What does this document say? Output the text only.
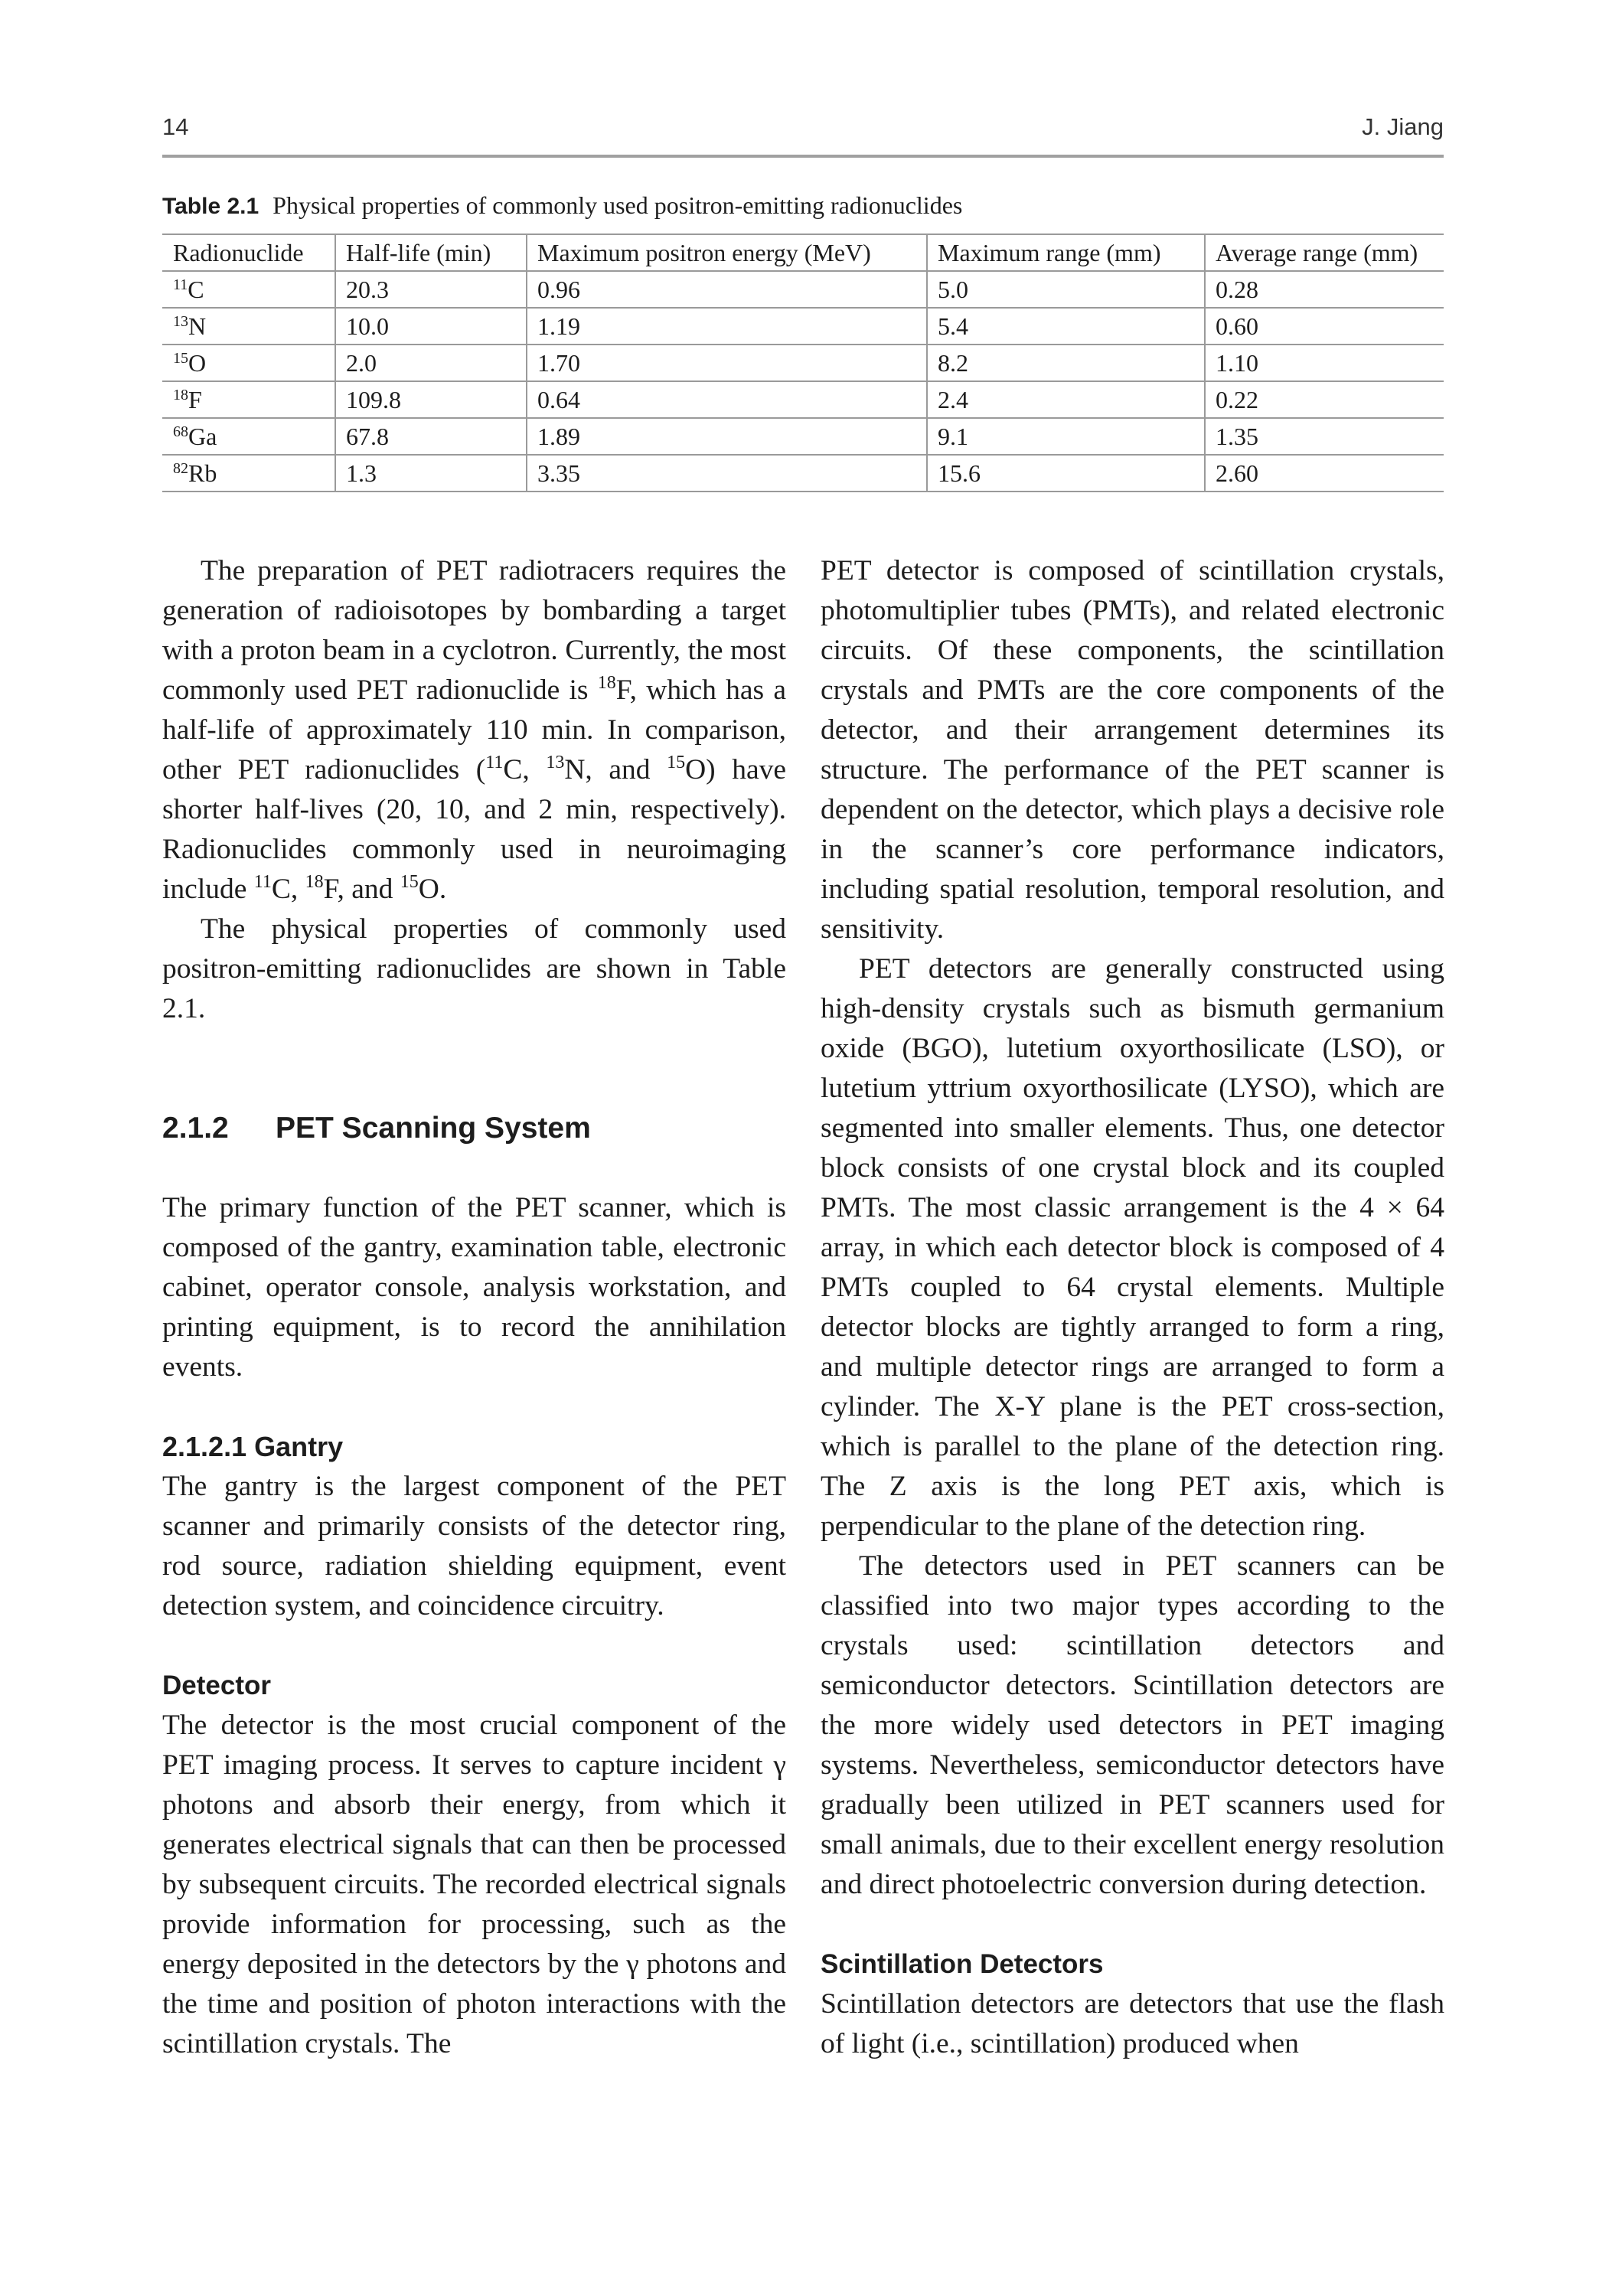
14	J. Jiang
Table 2.1 Physical properties of commonly used positron-emitting radionuclides
Radionuclide	Half-life (min)	Maximum positron energy (MeV)	Maximum range (mm)	Average range (mm)
$^{11}$C	20.3	0.96	5.0	0.28
$^{13}$N	10.0	1.19	5.4	0.60
$^{15}$O	2.0	1.70	8.2	1.10
$^{18}$F	109.8	0.64	2.4	0.22
$^{68}$Ga	67.8	1.89	9.1	1.35
$^{82}$Rb	1.3	3.35	15.6	2.60

The preparation of PET radiotracers requires the generation of radioisotopes by bombarding a target with a proton beam in a cyclotron. Currently, the most commonly used PET radionuclide is $^{18}$F, which has a half-life of approximately 110 min. In comparison, other PET radionuclides ($^{11}$C, $^{13}$N, and $^{15}$O) have shorter half-lives (20, 10, and 2 min, respectively). Radionuclides commonly used in neuroimaging include $^{11}$C, $^{18}$F, and $^{15}$O.

The physical properties of commonly used positron-emitting radionuclides are shown in Table 2.1.

2.1.2 PET Scanning System

The primary function of the PET scanner, which is composed of the gantry, examination table, electronic cabinet, operator console, analysis workstation, and printing equipment, is to record the annihilation events.

2.1.2.1 Gantry

The gantry is the largest component of the PET scanner and primarily consists of the detector ring, rod source, radiation shielding equipment, event detection system, and coincidence circuitry.

Detector

The detector is the most crucial component of the PET imaging process. It serves to capture incident γ photons and absorb their energy, from which it generates electrical signals that can then be processed by subsequent circuits. The recorded electrical signals provide information for processing, such as the energy deposited in the detectors by the γ photons and the time and position of photon interactions with the scintillation crystals. The

PET detector is composed of scintillation crystals, photomultiplier tubes (PMTs), and related electronic circuits. Of these components, the scintillation crystals and PMTs are the core components of the detector, and their arrangement determines its structure. The performance of the PET scanner is dependent on the detector, which plays a decisive role in the scanner’s core performance indicators, including spatial resolution, temporal resolution, and sensitivity.

PET detectors are generally constructed using high-density crystals such as bismuth germanium oxide (BGO), lutetium oxyorthosilicate (LSO), or lutetium yttrium oxyorthosilicate (LYSO), which are segmented into smaller elements. Thus, one detector block consists of one crystal block and its coupled PMTs. The most classic arrangement is the 4 × 64 array, in which each detector block is composed of 4 PMTs coupled to 64 crystal elements. Multiple detector blocks are tightly arranged to form a ring, and multiple detector rings are arranged to form a cylinder. The X-Y plane is the PET cross-section, which is parallel to the plane of the detection ring. The Z axis is the long PET axis, which is perpendicular to the plane of the detection ring.

The detectors used in PET scanners can be classified into two major types according to the crystals used: scintillation detectors and semiconductor detectors. Scintillation detectors are the more widely used detectors in PET imaging systems. Nevertheless, semiconductor detectors have gradually been utilized in PET scanners used for small animals, due to their excellent energy resolution and direct photoelectric conversion during detection.

Scintillation Detectors

Scintillation detectors are detectors that use the flash of light (i.e., scintillation) produced when
